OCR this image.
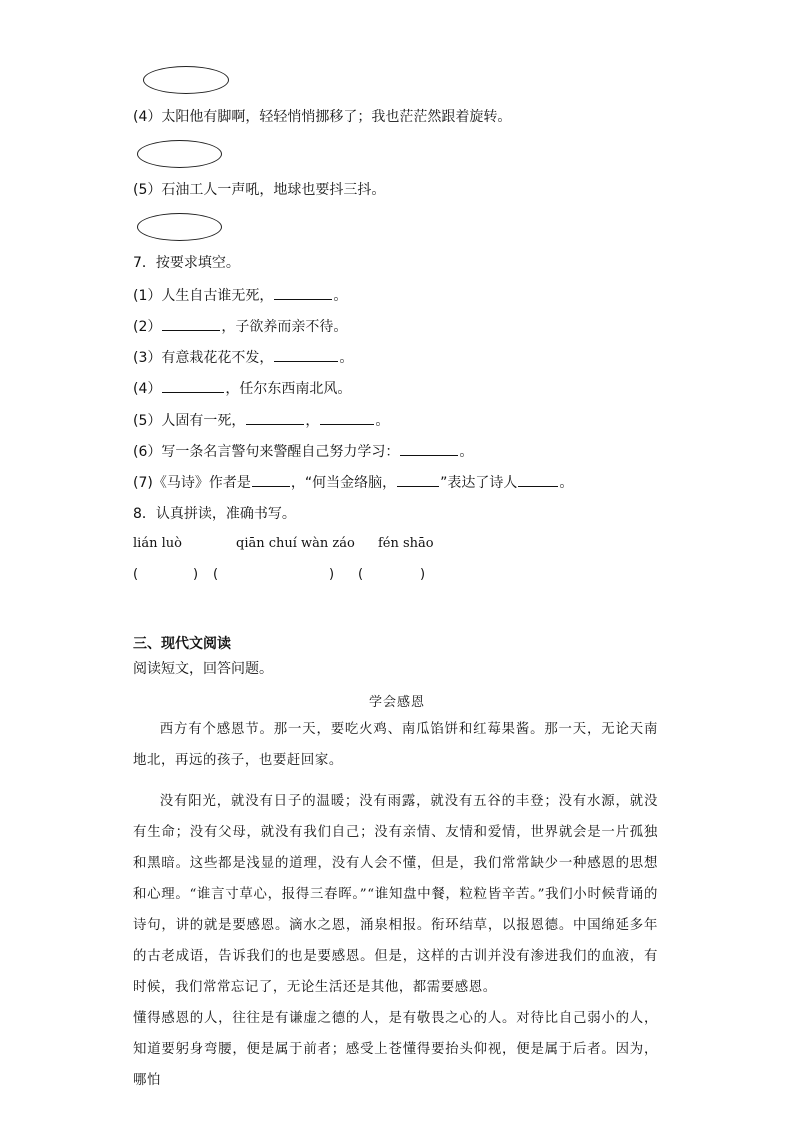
(4）太阳他有脚啊，轻轻悄悄挪移了；我也茫茫然跟着旋转。
(5）石油工人一声吼，地球也要抖三抖。
7．按要求填空。
(1）人生自古谁无死，	。
(2）	，子欲养而亲不待。
(3）有意栽花花不发，	。
(4）	，任尔东西南北风。
(5）人固有一死，	，	。
(6）写一条名言警句来警醒自己努力学习：	。
(7)《马诗》作者是	，“何当金络脑，	”表达了诗人	。
8．认真拼读，准确书写。
lián luò	qiān chuí wàn záo fén shāo
(	) (	) (	)
三、现代文阅读
阅读短文，回答问题。
学会感恩

西方有个感恩节。那一天，要吃火鸡、南瓜馅饼和红莓果酱。那一天，无论天南地北，再远的孩子，也要赶回家。

没有阳光，就没有日子的温暖；没有雨露，就没有五谷的丰登；没有水源，就没有生命；没有父母，就没有我们自己；没有亲情、友情和爱情，世界就会是一片孤独和黑暗。这些都是浅显的道理，没有人会不懂，但是，我们常常缺少一种感恩的思想和心理。“谁言寸草心，报得三春晖。”“谁知盘中餐，粒粒皆辛苦。”我们小时候背诵的诗句，讲的就是要感恩。滴水之恩，涌泉相报。衔环结草，以报恩德。中国绵延多年的古老成语，告诉我们的也是要感恩。但是，这样的古训并没有渗进我们的血液，有时候，我们常常忘记了，无论生活还是其他，都需要感恩。

懂得感恩的人，往往是有谦虚之德的人，是有敬畏之心的人。对待比自己弱小的人，知道要躬身弯腰，便是属于前者；感受上苍懂得要抬头仰视，便是属于后者。因为，哪怕
